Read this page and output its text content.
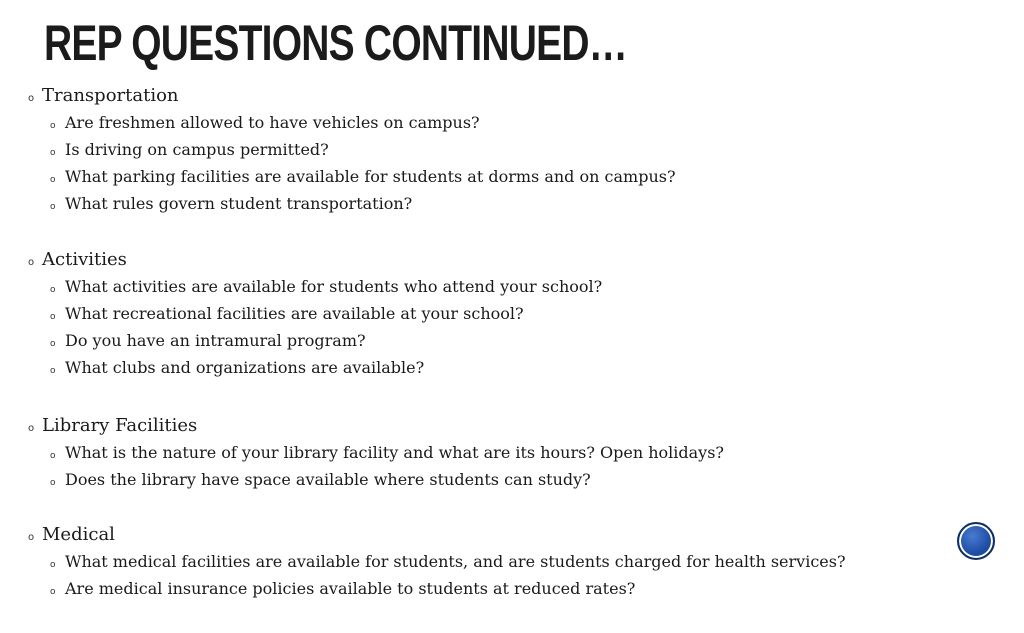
REP QUESTIONS CONTINUED…
o Transportation
o Are freshmen allowed to have vehicles on campus?
o Is driving on campus permitted?
o What parking facilities are available for students at dorms and on campus?
o What rules govern student transportation?
o Activities
o What activities are available for students who attend your school?
o What recreational facilities are available at your school?
o Do you have an intramural program?
o What clubs and organizations are available?
o Library Facilities
o What is the nature of your library facility and what are its hours? Open holidays?
o Does the library have space available where students can study?
o Medical
o What medical facilities are available for students, and are students charged for health services?
o Are medical insurance policies available to students at reduced rates?
